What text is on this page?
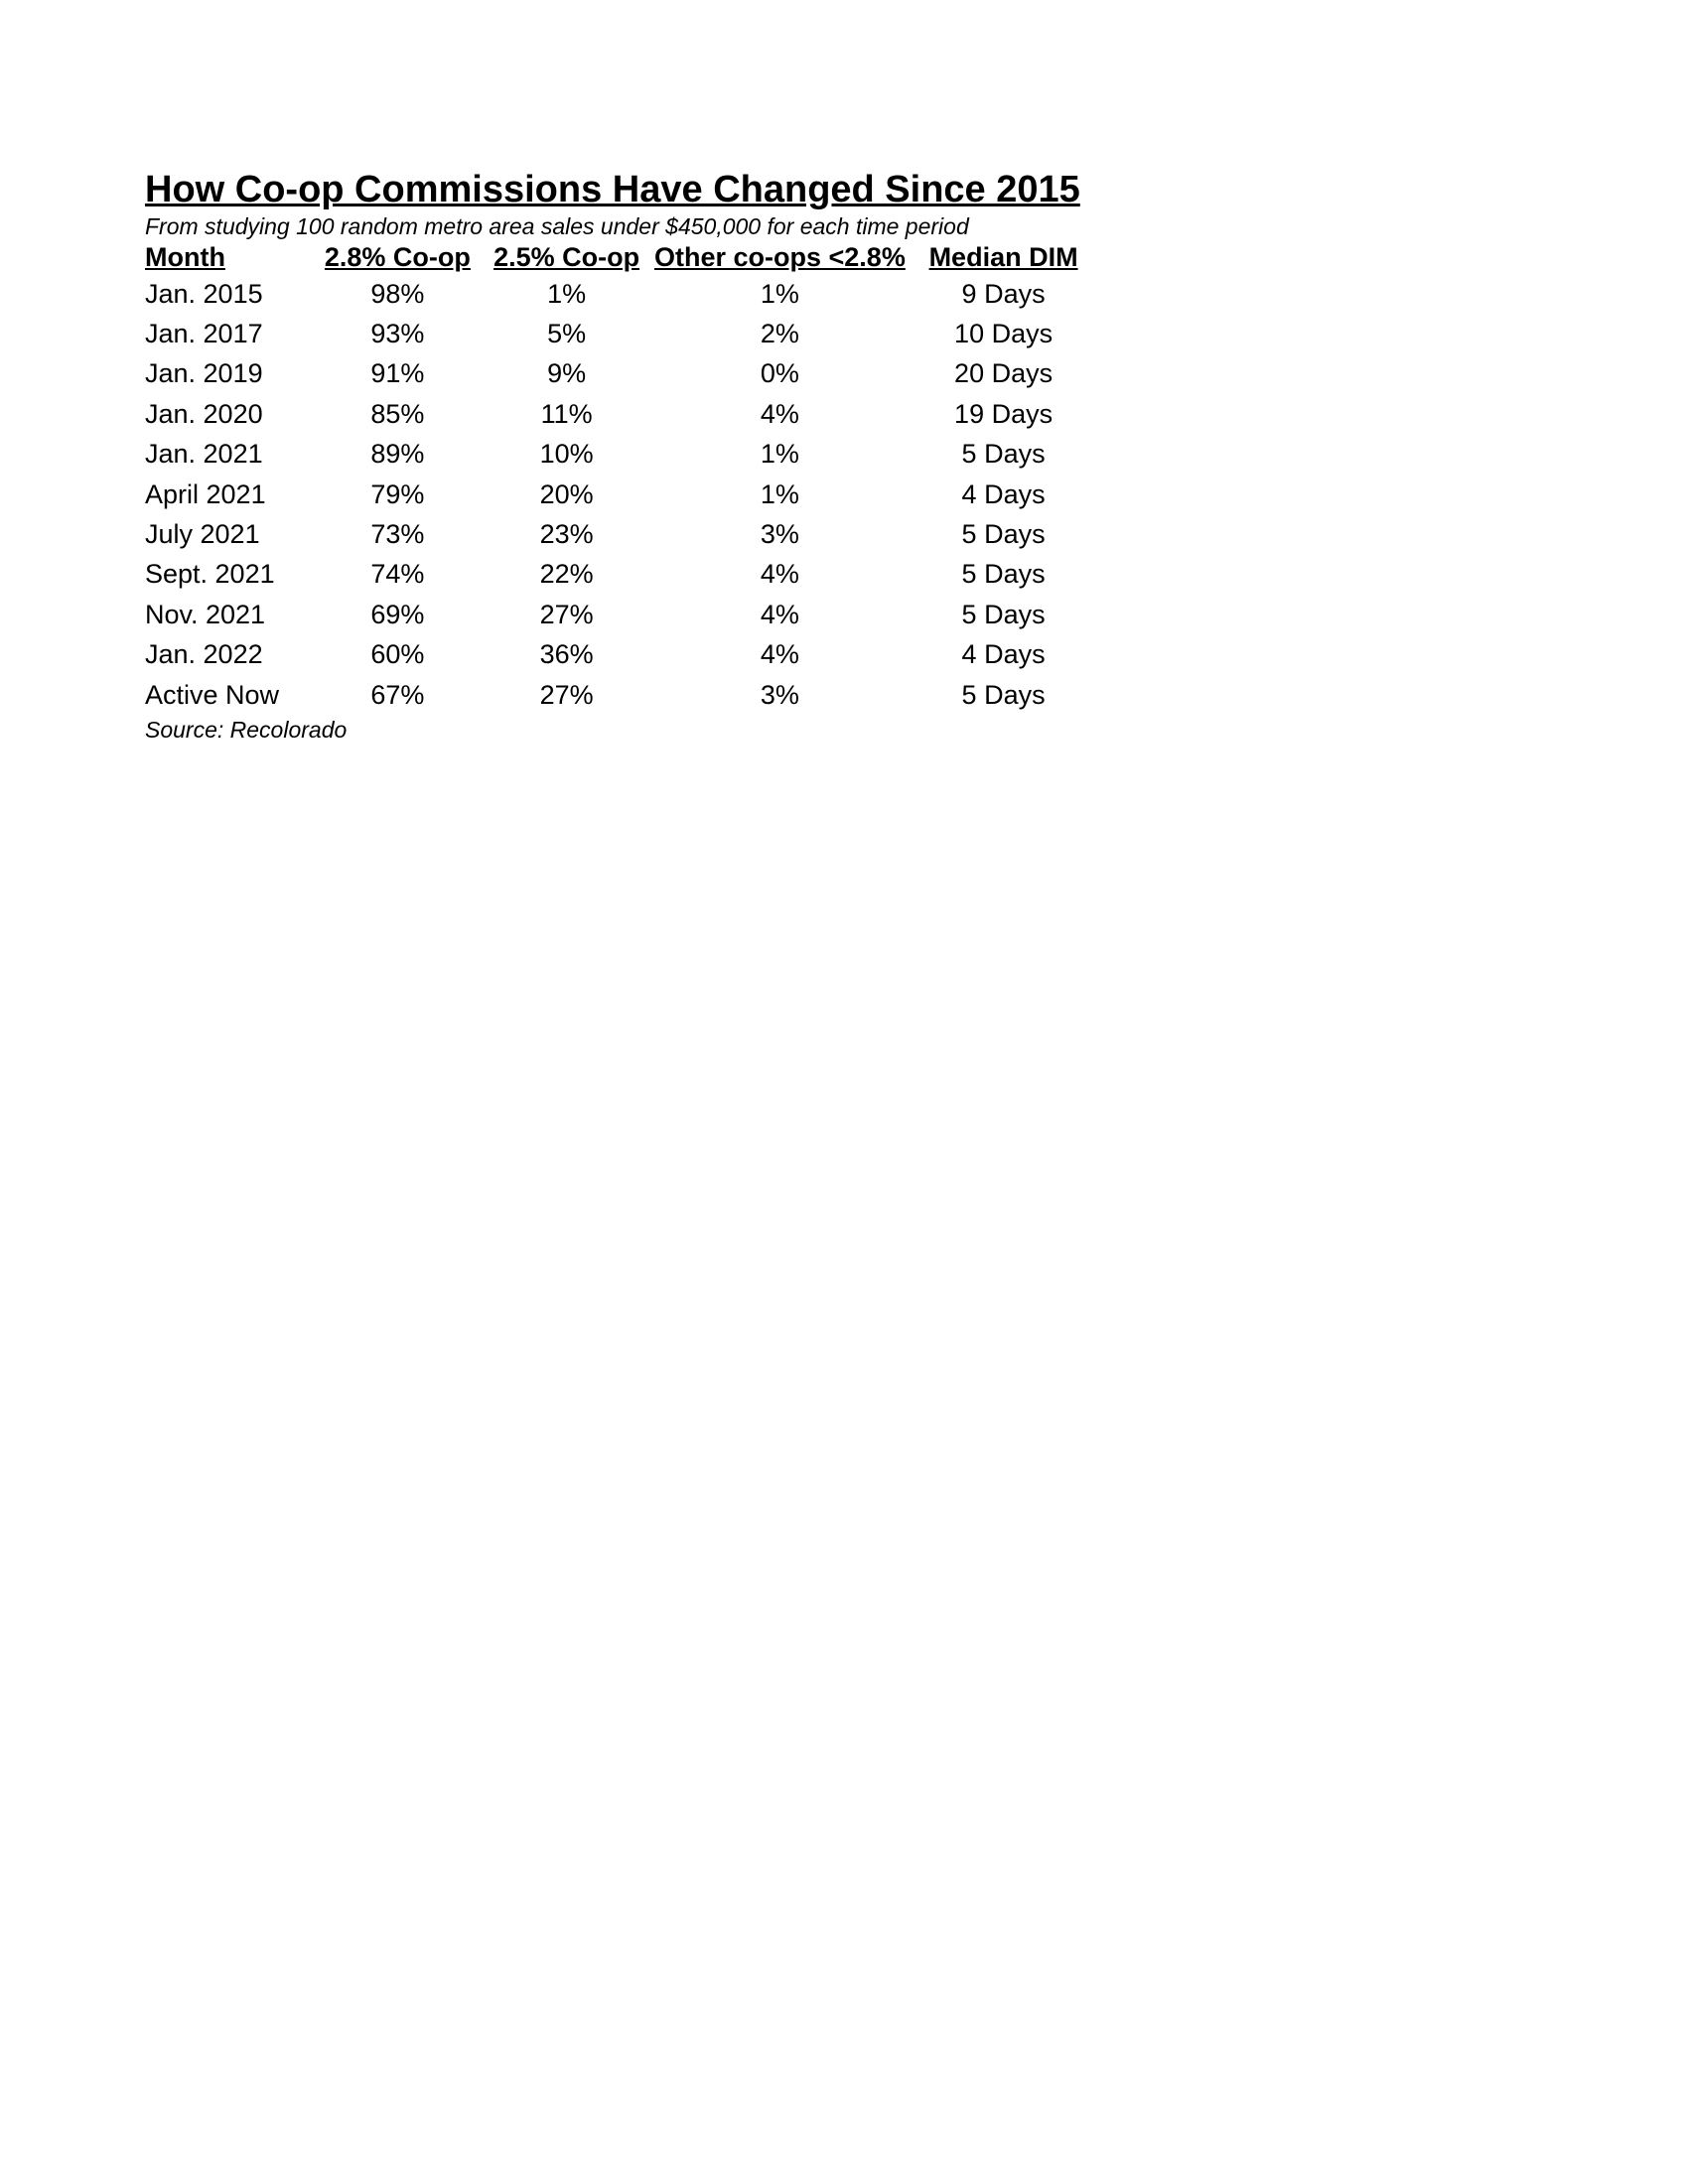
How Co-op Commissions Have Changed Since 2015

From studying 100 random metro area sales under $450,000 for each time period

Month	2.8% Co-op	2.5% Co-op	Other co-ops <2.8%	Median DIM
Jan. 2015	98%	1%	1%	9 Days
Jan. 2017	93%	5%	2%	10 Days
Jan. 2019	91%	9%	0%	20 Days
Jan. 2020	85%	11%	4%	19 Days
Jan. 2021	89%	10%	1%	5 Days
April 2021	79%	20%	1%	4 Days
July 2021	73%	23%	3%	5 Days
Sept. 2021	74%	22%	4%	5 Days
Nov. 2021	69%	27%	4%	5 Days
Jan. 2022	60%	36%	4%	4 Days
Active Now	67%	27%	3%	5 Days

Source: Recolorado
